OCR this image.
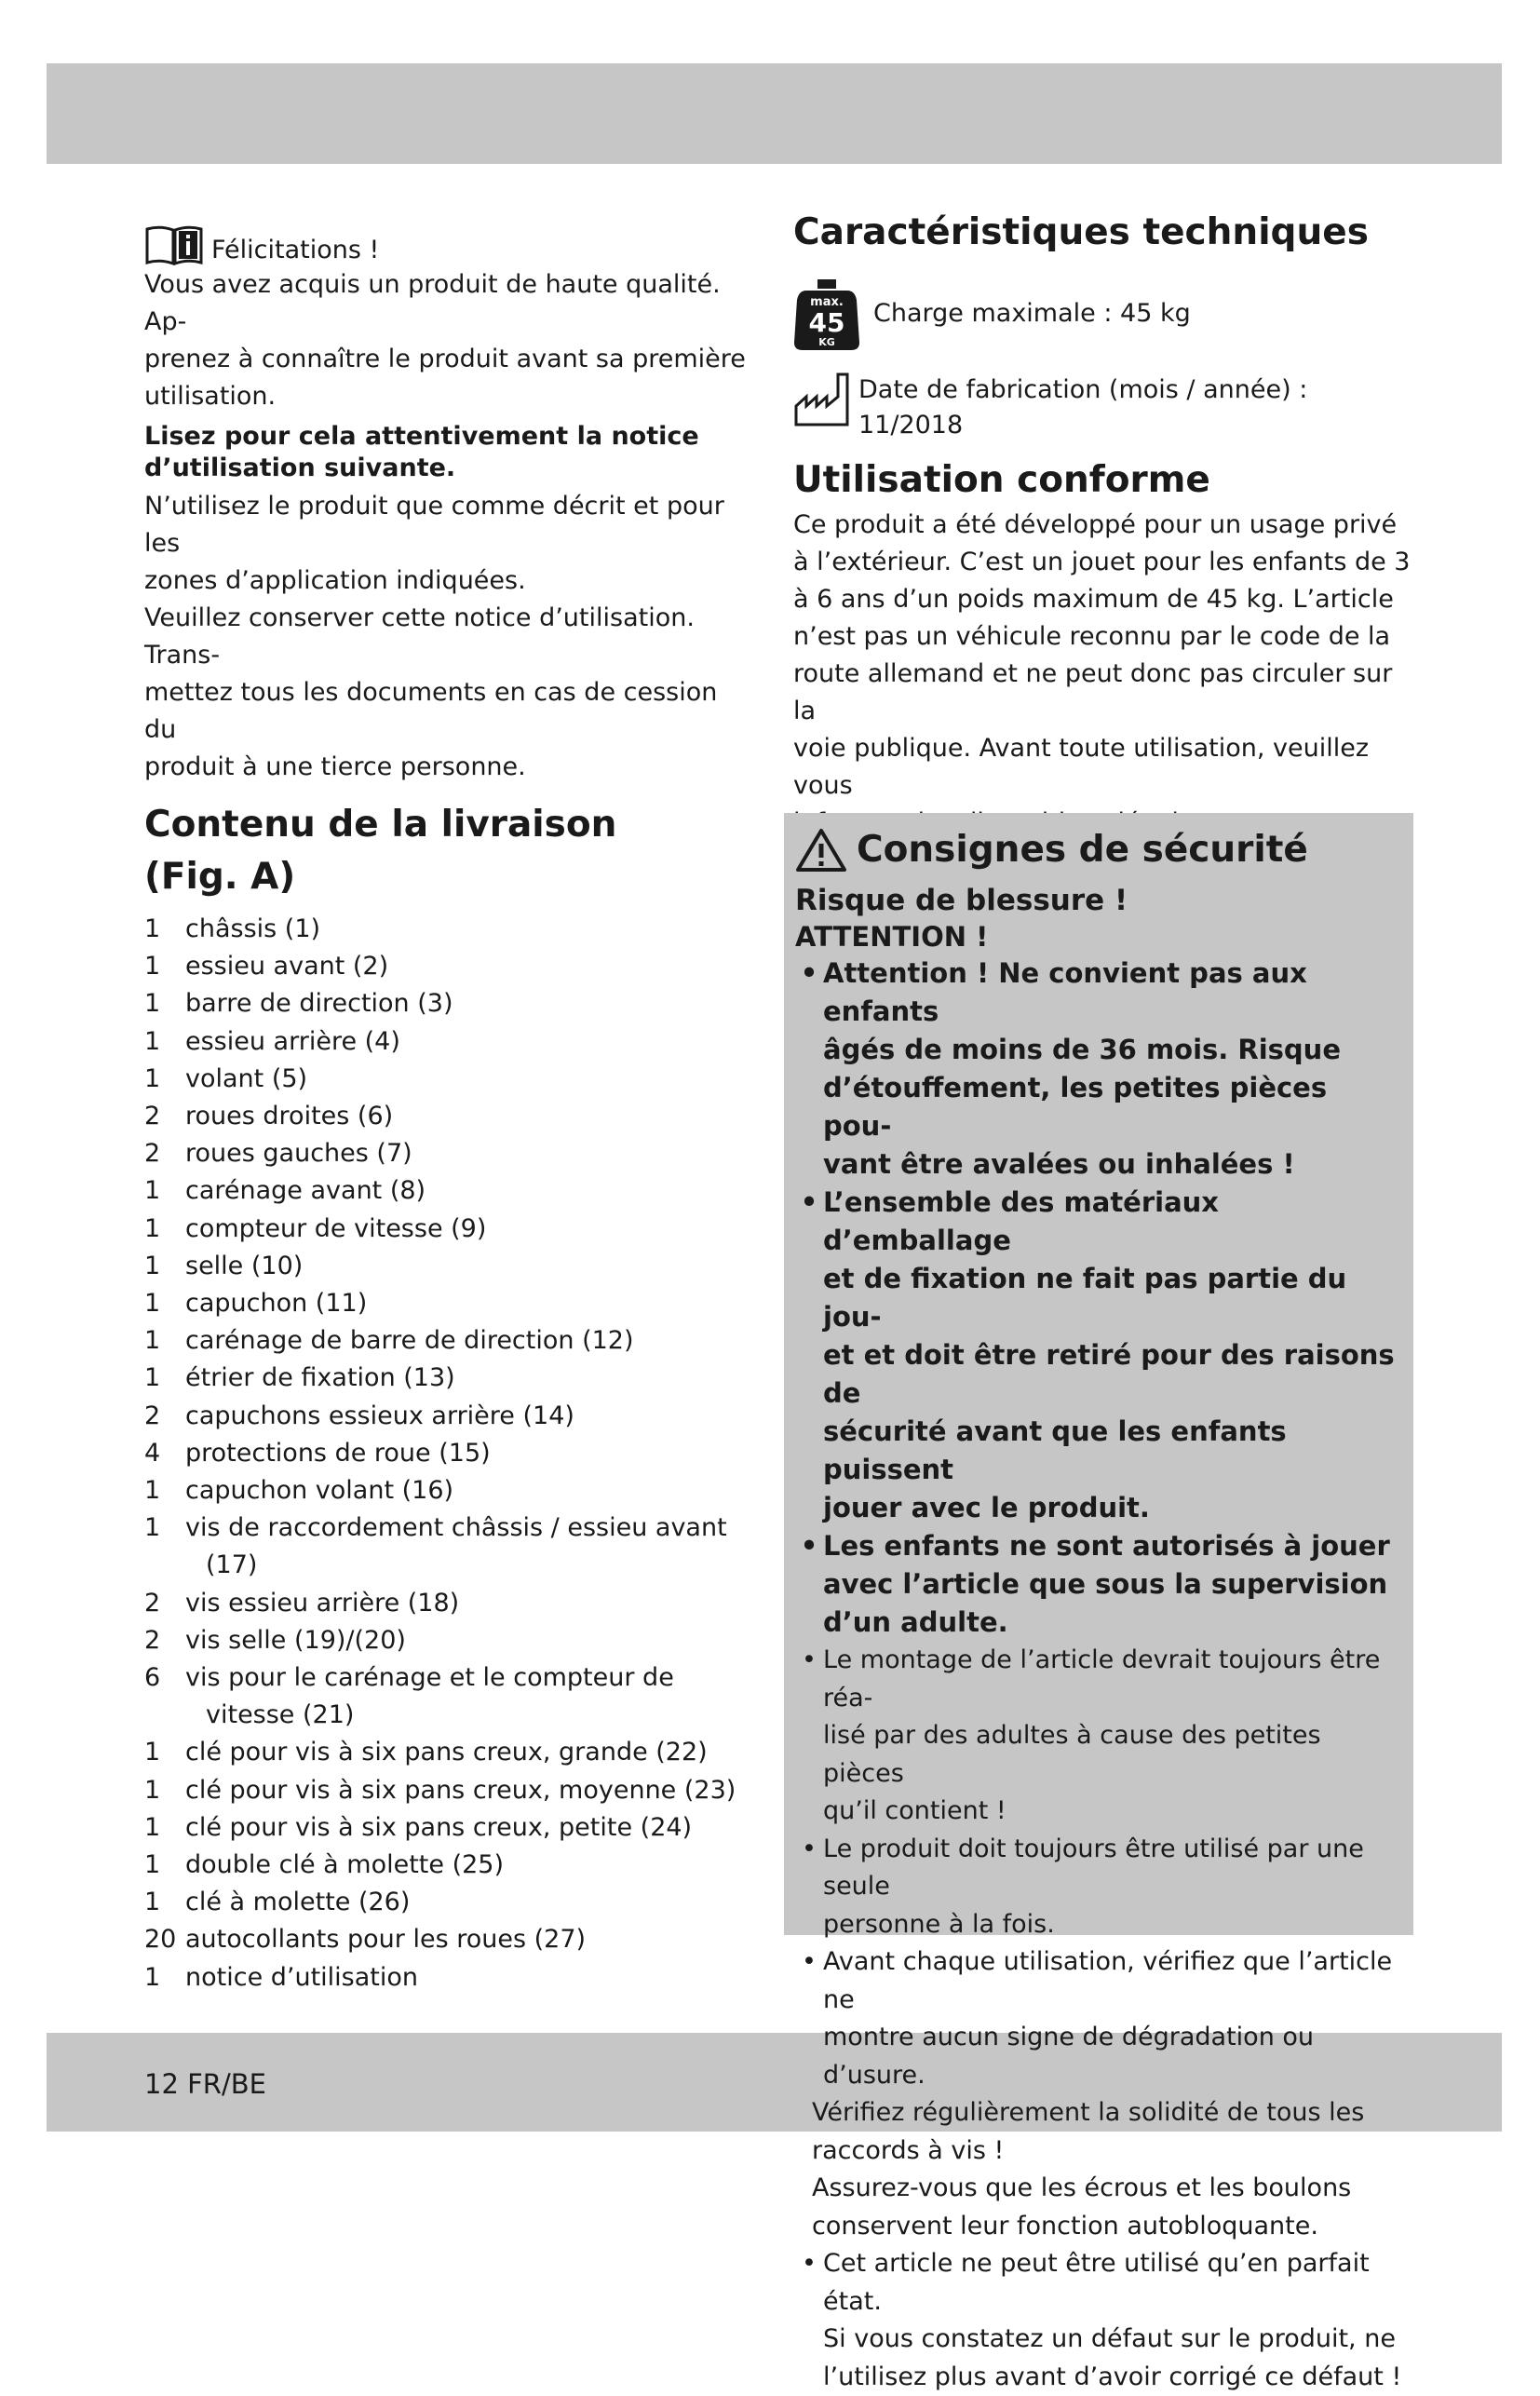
12 FR/BE
Félicitations !

Vous avez acquis un produit de haute qualité. Ap-
prenez à connaître le produit avant sa première
utilisation.

Lisez pour cela attentivement la notice
d’utilisation suivante.

N’utilisez le produit que comme décrit et pour les
zones d’application indiquées.
Veuillez conserver cette notice d’utilisation. Trans-
mettez tous les documents en cas de cession du
produit à une tierce personne.

Contenu de la livraison
(Fig. A)
1 châssis (1)
1 essieu avant (2)
1 barre de direction (3)
1 essieu arrière (4)
1 volant (5)
2 roues droites (6)
2 roues gauches (7)
1 carénage avant (8)
1 compteur de vitesse (9)
1 selle (10)
1 capuchon (11)
1 carénage de barre de direction (12)
1 étrier de fixation (13)
2 capuchons essieux arrière (14)
4 protections de roue (15)
1 capuchon volant (16)
1 vis de raccordement châssis / essieu avant
(17)
2 vis essieu arrière (18)
2 vis selle (19)/(20)
6 vis pour le carénage et le compteur de
vitesse (21)
1 clé pour vis à six pans creux, grande (22)
1 clé pour vis à six pans creux, moyenne (23)
1 clé pour vis à six pans creux, petite (24)
1 double clé à molette (25)
1 clé à molette (26)
20 autocollants pour les roues (27)
1 notice d’utilisation
Caractéristiques techniques
max.
45
KG
Charge maximale : 45 kg
Date de fabrication (mois / année) :
11/2018
Utilisation conforme

Ce produit a été développé pour un usage privé
à l’extérieur. C’est un jouet pour les enfants de 3
à 6 ans d’un poids maximum de 45 kg. L’article
n’est pas un véhicule reconnu par le code de la
route allemand et ne peut donc pas circuler sur la
voie publique. Avant toute utilisation, veuillez vous

Consignes de sécurité

Risque de blessure !

ATTENTION !

• Attention ! Ne convient pas aux enfants
âgés de moins de 36 mois. Risque
d’étouffement, les petites pièces pou-
vant être avalées ou inhalées !
• L’ensemble des matériaux d’emballage
et de fixation ne fait pas partie du jou-
et et doit être retiré pour des raisons de
sécurité avant que les enfants puissent
jouer avec le produit.
• Les enfants ne sont autorisés à jouer
avec l’article que sous la supervision
d’un adulte.
• Le montage de l’article devrait toujours être réa-
lisé par des adultes à cause des petites pièces
qu’il contient !
• Le produit doit toujours être utilisé par une seule
personne à la fois.
• Avant chaque utilisation, vérifiez que l’article ne
montre aucun signe de dégradation ou d’usure.
Vérifiez régulièrement la solidité de tous les
raccords à vis !
Assurez-vous que les écrous et les boulons
conservent leur fonction autobloquante.
• Cet article ne peut être utilisé qu’en parfait état.
Si vous constatez un défaut sur le produit, ne
l’utilisez plus avant d’avoir corrigé ce défaut !
